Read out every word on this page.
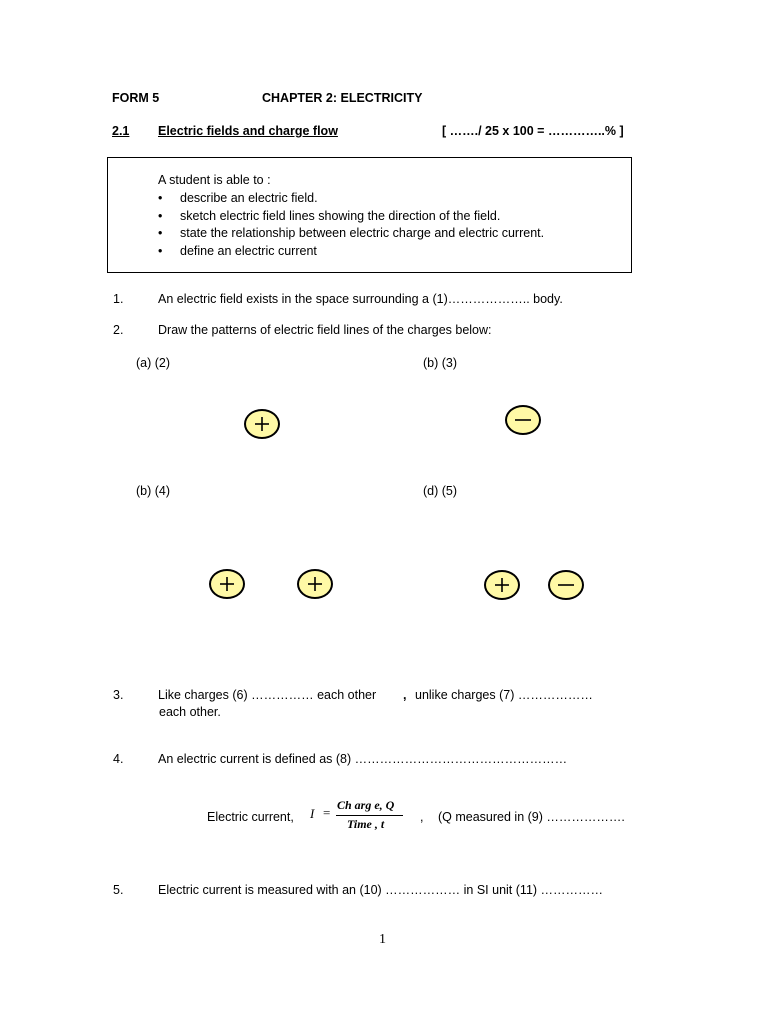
FORM 5	CHAPTER 2: ELECTRICITY
2.1 Electric fields and charge flow	[ ……./ 25 x 100 = …………..% ]
A student is able to :
• describe an electric field.
• sketch electric field lines showing the direction of the field.
• state the relationship between electric charge and electric current.
• define an electric current
1.	An electric field exists in the space surrounding a (1)……………….. body.
2.	Draw the patterns of electric field lines of the charges below:
(a) (2)	(b) (3)
(b) (4)	(d) (5)
3.	Like charges (6) …………… each other , unlike charges (7) ………………
each other.
4.	An electric current is defined as (8) ……………………………………………
Electric current, I = Ch arg e, Q
Time , t	, (Q measured in (9) ……………….
5.	Electric current is measured with an (10) ……………… in SI unit (11) ……………
1
